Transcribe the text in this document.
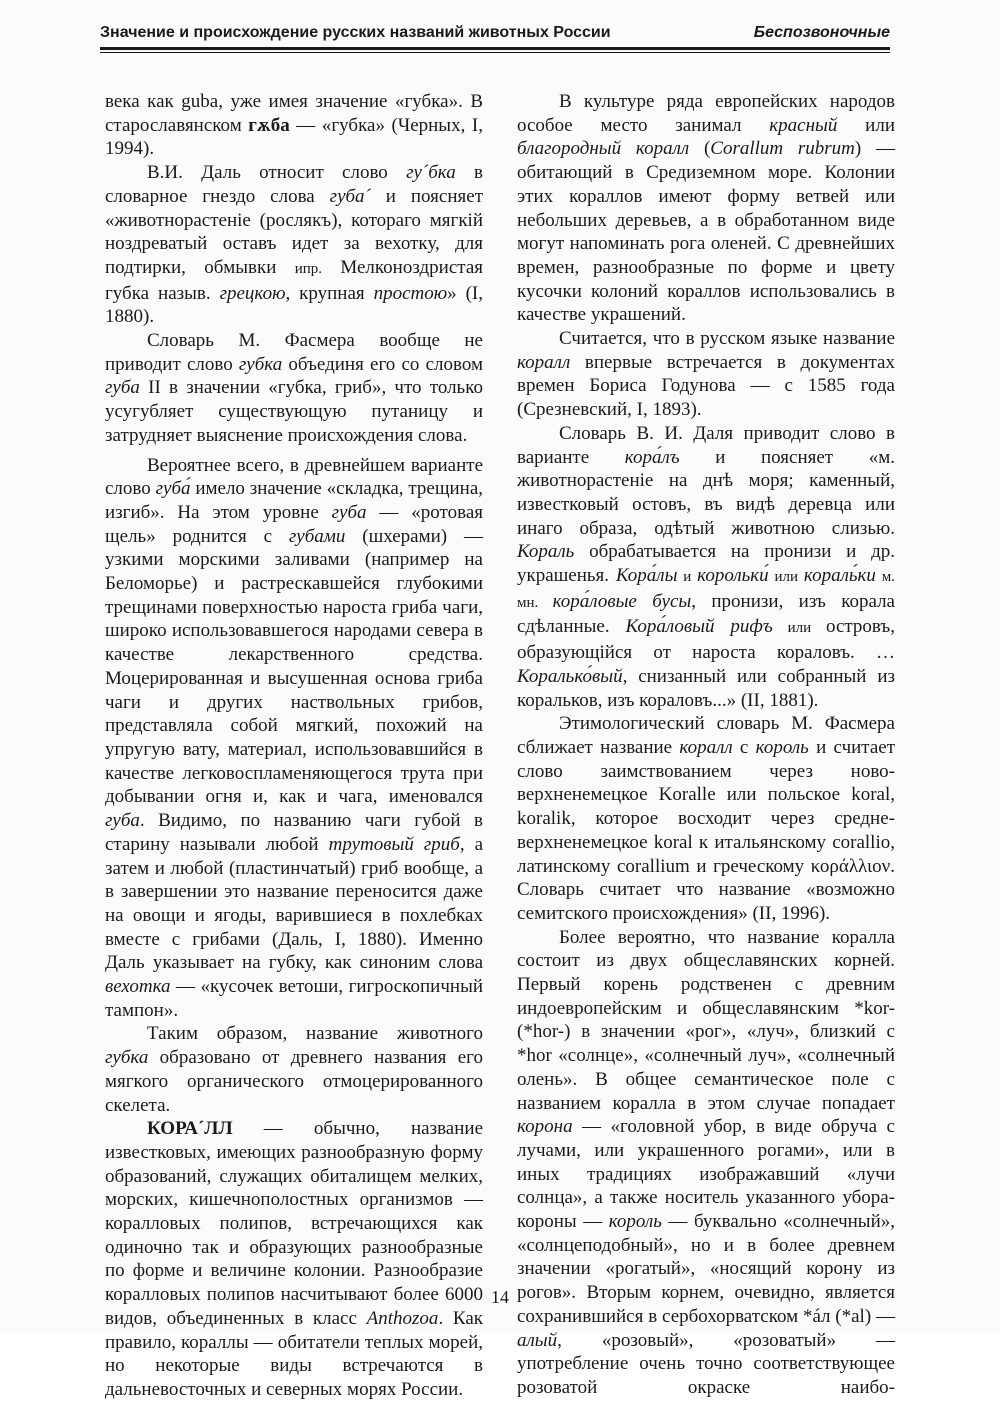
Значение и происхождение русских названий животных России	Беспозвоночные

века как guba, уже имея значение «губка». В старославянском гѫба — «губка» (Черных, I, 1994).

В.И. Даль относит слово гу´бка в словарное гнездо слова губа´ и поясняет «животнорастенiе (рослякъ), котораго мягкiй ноздреватый оставъ идет за вехотку, для подтирки, обмывки ипр. Мелконоздристая губка назыв. грецкою, крупная простою» (I, 1880).

Словарь М. Фасмера вообще не приводит слово губка объединя его со словом губа II в значении «губка, гриб», что только усугубляет существующую путаницу и затрудняет выяснение происхождения слова.

Вероятнее всего, в древнейшем варианте слово губа́ имело значение «складка, трещина, изгиб». На этом уровне губа — «ротовая щель» роднится с губами (шхерами) — узкими морскими заливами (например на Беломорье) и растрескавшейся глубокими трещинами поверхностью нароста гриба чаги, широко использовавшегося народами севера в качестве лекарственного средства. Моцерированная и высушенная основа гриба чаги и других наствольных грибов, представляла собой мягкий, похожий на упругую вату, материал, использовавшийся в качестве легковоспламеняющегося трута при добывании огня и, как и чага, именовался губа. Видимо, по названию чаги губой в старину называли любой трутовый гриб, а затем и любой (пластинчатый) гриб вообще, а в завершении это название переносится даже на овощи и ягоды, варившиеся в похлебках вместе с грибами (Даль, I, 1880). Именно Даль указывает на губку, как синоним слова вехотка — «кусочек ветоши, гигроскопичный тампон».

Таким образом, название животного губка образовано от древнего названия его мягкого органического отмоцерированного скелета.

КОРА´ЛЛ — обычно, название известковых, имеющих разнообразную форму образований, служащих обиталищем мелких, морских, кишечнополостных организмов — коралловых полипов, встречающихся как одиночно так и образующих разнообразные по форме и величине колонии. Разнообразие коралловых полипов насчитывают более 6000 видов, объединенных в класс Anthozoa. Как правило, кораллы — обитатели теплых морей, но некоторые виды встречаются в дальневосточных и северных морях России.

В культуре ряда европейских народов особое место занимал красный или благородный коралл (Corallum rubrum) — обитающий в Средиземном море. Колонии этих кораллов имеют форму ветвей или небольших деревьев, а в обработанном виде могут напоминать рога оленей. С древнейших времен, разнообразные по форме и цвету кусочки колоний кораллов использовались в качестве украшений.

Считается, что в русском языке название коралл впервые встречается в документах времен Бориса Годунова — с 1585 года (Срезневский, I, 1893).

Словарь В. И. Даля приводит слово в варианте кора́лъ и поясняет «м. животнорастенiе на днѣ моря; каменный, известковый остовъ, въ видѣ деревца или инаго образа, одѣтый животною слизью. Кораль обрабатывается на пронизи и др. украшенья. Кора́лы и корольки́ или кораль́ки м. мн. кора́ловые бусы, пронизи, изъ корала сдѣланные. Кора́ловый рифъ или островъ, образующiйся от нароста кораловъ. … Коралько́вый, снизанный или собранный из коральков, изъ кораловъ...» (II, 1881).

Этимологический словарь М. Фасмера сближает название коралл с король и считает слово заимствованием через ново-верхненемецкое Koralle или польское koral, koralik, которое восходит через средне-верхненемецкое koral к итальянскому corallio, латинскому corallium и греческому κοράλλιον. Словарь считает что название «возможно семитского происхождения» (II, 1996).

Более вероятно, что название коралла состоит из двух общеславянских корней. Первый корень родственен с древним индоевропейским и общеславянским *kor- (*hor-) в значении «рог», «луч», близкий с *hor «солнце», «солнечный луч», «солнечный олень». В общее семантическое поле с названием коралла в этом случае попадает корона — «головной убор, в виде обруча с лучами, или украшенного рогами», или в иных традициях изображавший «лучи солнца», а также носитель указанного убора-короны — король — буквально «солнечный», «солнцеподобный», но и в более древнем значении «рогатый», «носящий корону из рогов». Вторым корнем, очевидно, является сохранившийся в сербохорватском *áл (*al) — алый, «розовый», «розоватый» — употребление очень точно соответствующее розоватой окраске наибо-

14
